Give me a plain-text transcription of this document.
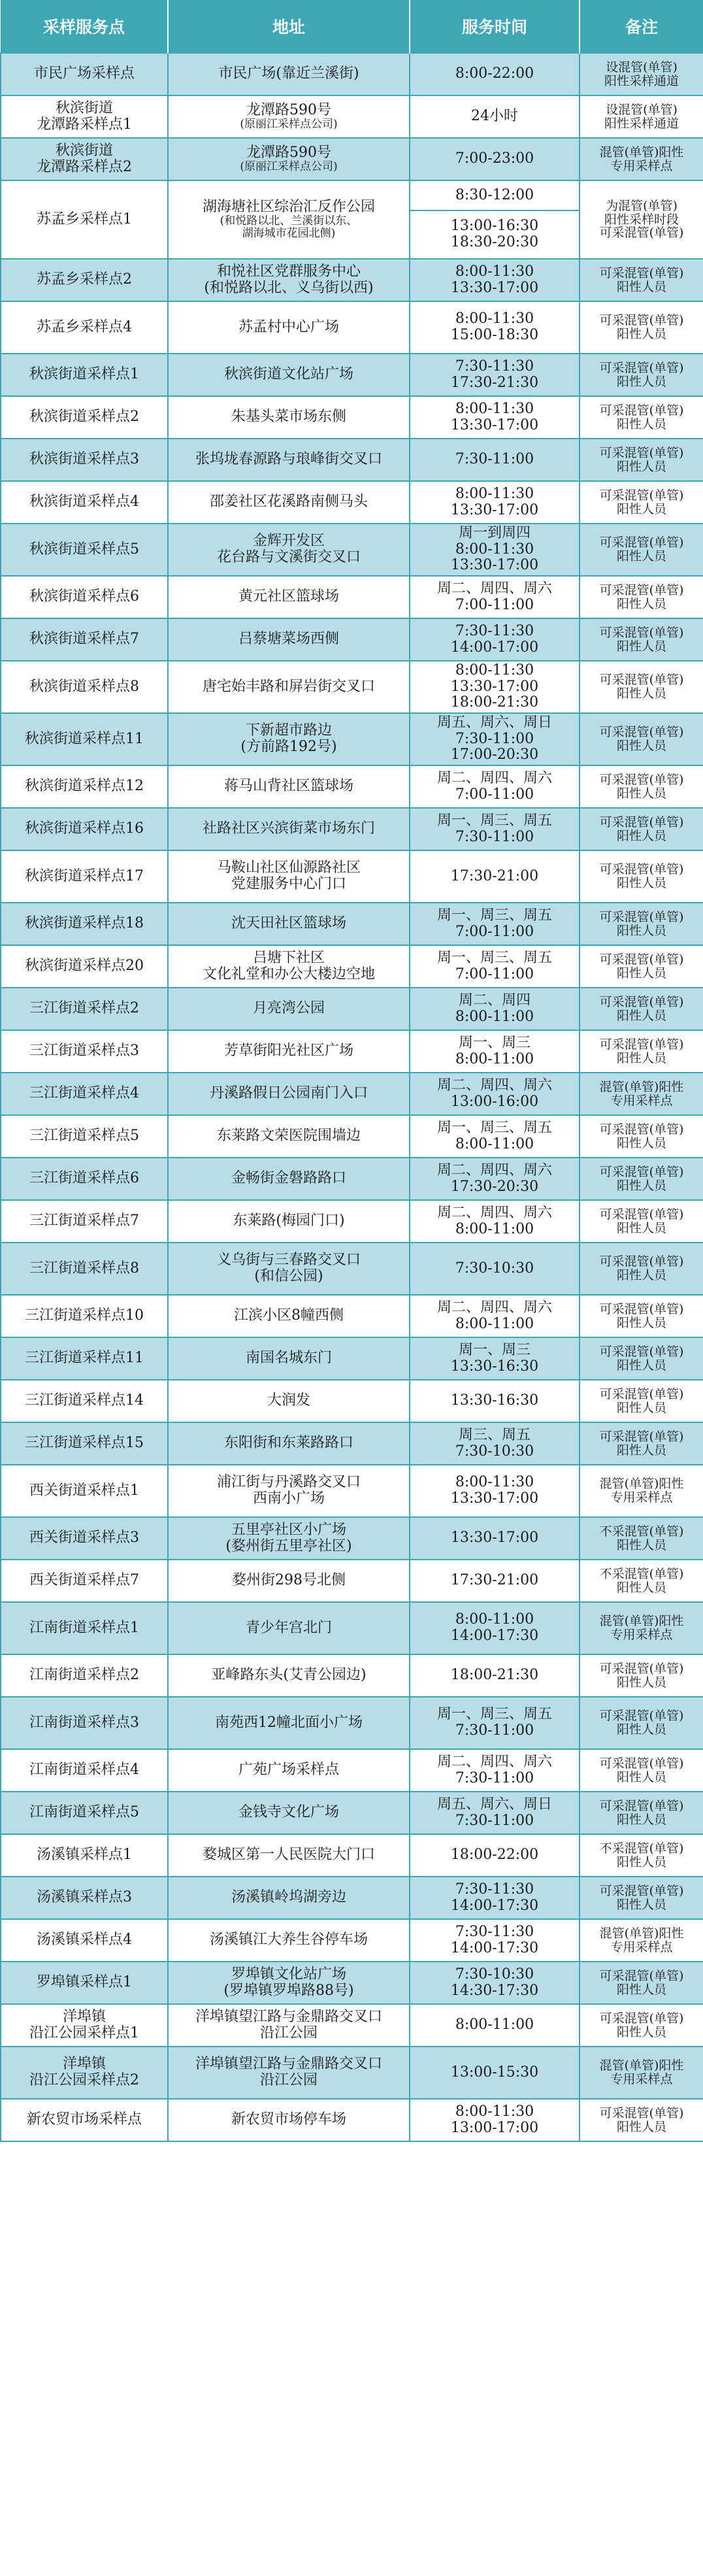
采样服务点	地址	服务时间	备注

市民广场采样点	市民广场(靠近兰溪街)	8:00-22:00	设混管(单管)
阳性采样通道

秋滨街道
龙潭路采样点1	龙潭路590号
(原丽江采样点公司)	24小时	设混管(单管)
阳性采样通道

秋滨街道
龙潭路采样点2	龙潭路590号
(原丽江采样点公司)	7:00-23:00	混管(单管)阳性
专用采样点

苏孟乡采样点1	湖海塘社区综治汇反作公园
(和悦路以北、兰溪街以东、
湖海城市花园北侧)	8:30-12:00
13:00-16:30
18:30-20:30	为混管(单管)
阳性采样时段
可采混管(单管)

苏孟乡采样点2	和悦社区党群服务中心
(和悦路以北、义乌街以西)	8:00-11:30
13:30-17:00	可采混管(单管)
阳性人员

苏孟乡采样点4	苏孟村中心广场	8:00-11:30
15:00-18:30	可采混管(单管)
阳性人员

秋滨街道采样点1	秋滨街道文化站广场	7:30-11:30
17:30-21:30	可采混管(单管)
阳性人员

秋滨街道采样点2	朱基头菜市场东侧	8:00-11:30
13:30-17:00	可采混管(单管)
阳性人员

秋滨街道采样点3	张坞垅春源路与琅峰街交叉口	7:30-11:00	可采混管(单管)
阳性人员

秋滨街道采样点4	邵姜社区花溪路南侧马头	8:00-11:30
13:30-17:00	可采混管(单管)
阳性人员

秋滨街道采样点5	金辉开发区
花台路与文溪街交叉口	周一到周四
8:00-11:30
13:30-17:00	可采混管(单管)
阳性人员

秋滨街道采样点6	黄元社区篮球场	周二、周四、周六
7:00-11:00	可采混管(单管)
阳性人员

秋滨街道采样点7	吕蔡塘菜场西侧	7:30-11:30
14:00-17:00	可采混管(单管)
阳性人员

秋滨街道采样点8	唐宅始丰路和屏岩街交叉口	8:00-11:30
13:30-17:00
18:00-21:30	可采混管(单管)
阳性人员

秋滨街道采样点11	下新超市路边
(方前路192号)	周五、周六、周日
7:30-11:00
17:00-20:30	可采混管(单管)
阳性人员

秋滨街道采样点12	蒋马山背社区篮球场	周二、周四、周六
7:00-11:00	可采混管(单管)
阳性人员

秋滨街道采样点16	社路社区兴滨街菜市场东门	周一、周三、周五
7:30-11:00	可采混管(单管)
阳性人员

秋滨街道采样点17	马鞍山社区仙源路社区
党建服务中心门口	17:30-21:00	可采混管(单管)
阳性人员

秋滨街道采样点18	沈天田社区篮球场	周一、周三、周五
7:00-11:00	可采混管(单管)
阳性人员

秋滨街道采样点20	吕塘下社区
文化礼堂和办公大楼边空地	周一、周三、周五
7:00-11:00	可采混管(单管)
阳性人员

三江街道采样点2	月亮湾公园	周二、周四
8:00-11:00	可采混管(单管)
阳性人员

三江街道采样点3	芳草街阳光社区广场	周一、周三
8:00-11:00	可采混管(单管)
阳性人员

三江街道采样点4	丹溪路假日公园南门入口	周二、周四、周六
13:00-16:00	混管(单管)阳性
专用采样点

三江街道采样点5	东莱路文荣医院围墙边	周一、周三、周五
8:00-11:00	可采混管(单管)
阳性人员

三江街道采样点6	金畅街金磐路路口	周二、周四、周六
17:30-20:30	可采混管(单管)
阳性人员

三江街道采样点7	东莱路(梅园门口)	周二、周四、周六
8:00-11:00	可采混管(单管)
阳性人员

三江街道采样点8	义乌街与三春路交叉口
(和信公园)	7:30-10:30	可采混管(单管)
阳性人员

三江街道采样点10	江滨小区8幢西侧	周二、周四、周六
8:00-11:00	可采混管(单管)
阳性人员

三江街道采样点11	南国名城东门	周一、周三
13:30-16:30	可采混管(单管)
阳性人员

三江街道采样点14	大润发	13:30-16:30	可采混管(单管)
阳性人员

三江街道采样点15	东阳街和东莱路路口	周三、周五
7:30-10:30	可采混管(单管)
阳性人员

西关街道采样点1	浦江街与丹溪路交叉口
西南小广场	8:00-11:30
13:30-17:00	混管(单管)阳性
专用采样点

西关街道采样点3	五里亭社区小广场
(婺州街五里亭社区)	13:30-17:00	不采混管(单管)
阳性人员

西关街道采样点7	婺州街298号北侧	17:30-21:00	不采混管(单管)
阳性人员

江南街道采样点1	青少年宫北门	8:00-11:00
14:00-17:30	混管(单管)阳性
专用采样点

江南街道采样点2	亚峰路东头(艾青公园边)	18:00-21:30	可采混管(单管)
阳性人员

江南街道采样点3	南苑西12幢北面小广场	周一、周三、周五
7:30-11:00	可采混管(单管)
阳性人员

江南街道采样点4	广苑广场采样点	周二、周四、周六
7:30-11:00	可采混管(单管)
阳性人员

江南街道采样点5	金钱寺文化广场	周五、周六、周日
7:30-11:00	可采混管(单管)
阳性人员

汤溪镇采样点1	婺城区第一人民医院大门口	18:00-22:00	不采混管(单管)
阳性人员

汤溪镇采样点3	汤溪镇岭坞湖旁边	7:30-11:30
14:00-17:30	可采混管(单管)
阳性人员

汤溪镇采样点4	汤溪镇江大养生谷停车场	7:30-11:30
14:00-17:30	混管(单管)阳性
专用采样点

罗埠镇采样点1	罗埠镇文化站广场
(罗埠镇罗埠路88号)	7:30-10:30
14:30-17:30	可采混管(单管)
阳性人员

洋埠镇
沿江公园采样点1	洋埠镇望江路与金鼎路交叉口
沿江公园	8:00-11:00	可采混管(单管)
阳性人员

洋埠镇
沿江公园采样点2	洋埠镇望江路与金鼎路交叉口
沿江公园	13:00-15:30	混管(单管)阳性
专用采样点

新农贸市场采样点	新农贸市场停车场	8:00-11:30
13:00-17:00	可采混管(单管)
阳性人员
